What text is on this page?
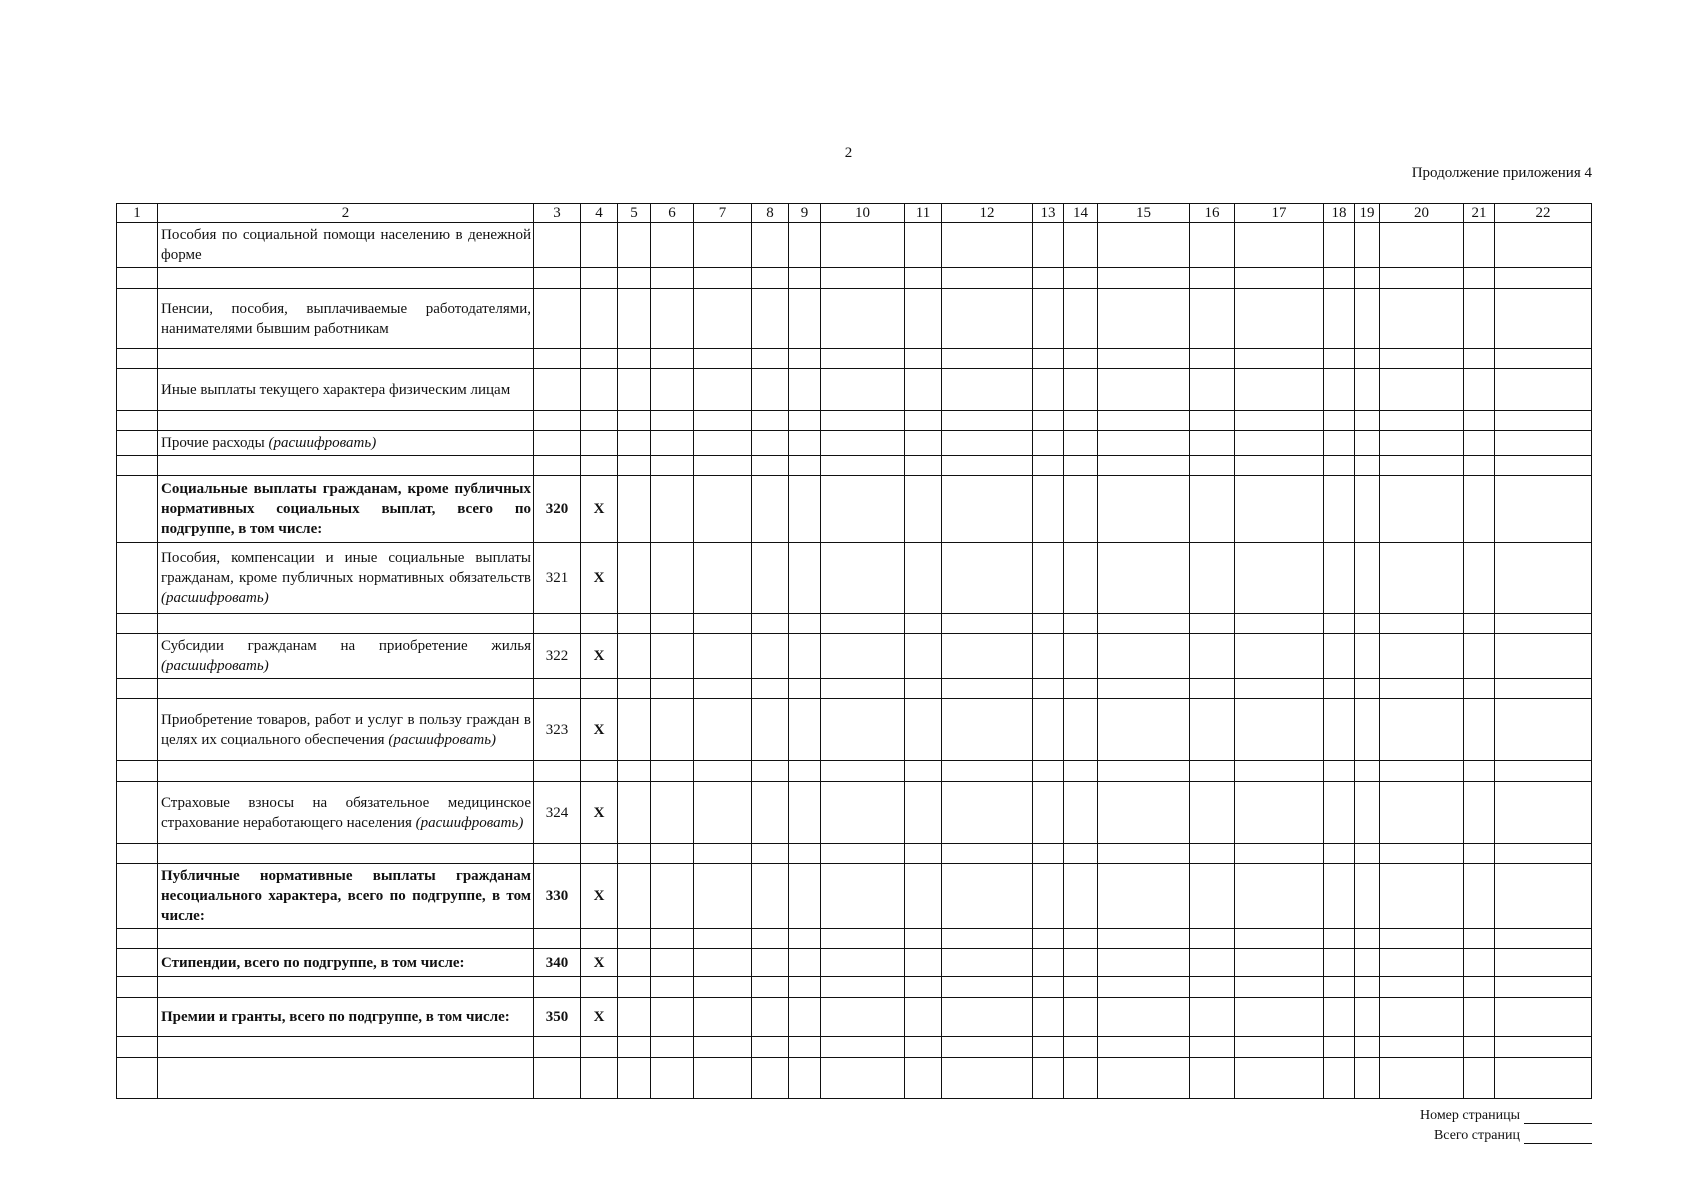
2
Продолжение приложения 4
1	2	3	4	5	6	7	8	9	10	11	12	13	14	15	16	17	18	19	20	21	22
	Пособия по социальной помощи населению в денежной форме																				

	Пенсии, пособия, выплачиваемые работодателями, нанимателями бывшим работникам																				

	Иные выплаты текущего характера физическим лицам																				

	Прочие расходы (расшифровать)																				

	Социальные выплаты гражданам, кроме публичных нормативных социальных выплат, всего по подгруппе, в том числе:	320	X																		
	Пособия, компенсации и иные социальные выплаты гражданам, кроме публичных нормативных обязательств (расшифровать)	321	X																		

	Субсидии гражданам на приобретение жилья (расшифровать)	322	X																		

	Приобретение товаров, работ и услуг в пользу граждан в целях их социального обеспечения (расшифровать)	323	X																		

	Страховые взносы на обязательное медицинское страхование неработающего населения (расшифровать)	324	X																		

	Публичные нормативные выплаты гражданам несоциального характера, всего по подгруппе, в том числе:	330	X																		

	Стипендии, всего по подгруппе, в том числе:	340	X																		

	Премии и гранты, всего по подгруппе, в том числе:	350	X																		

Номер страницы
Всего страниц
